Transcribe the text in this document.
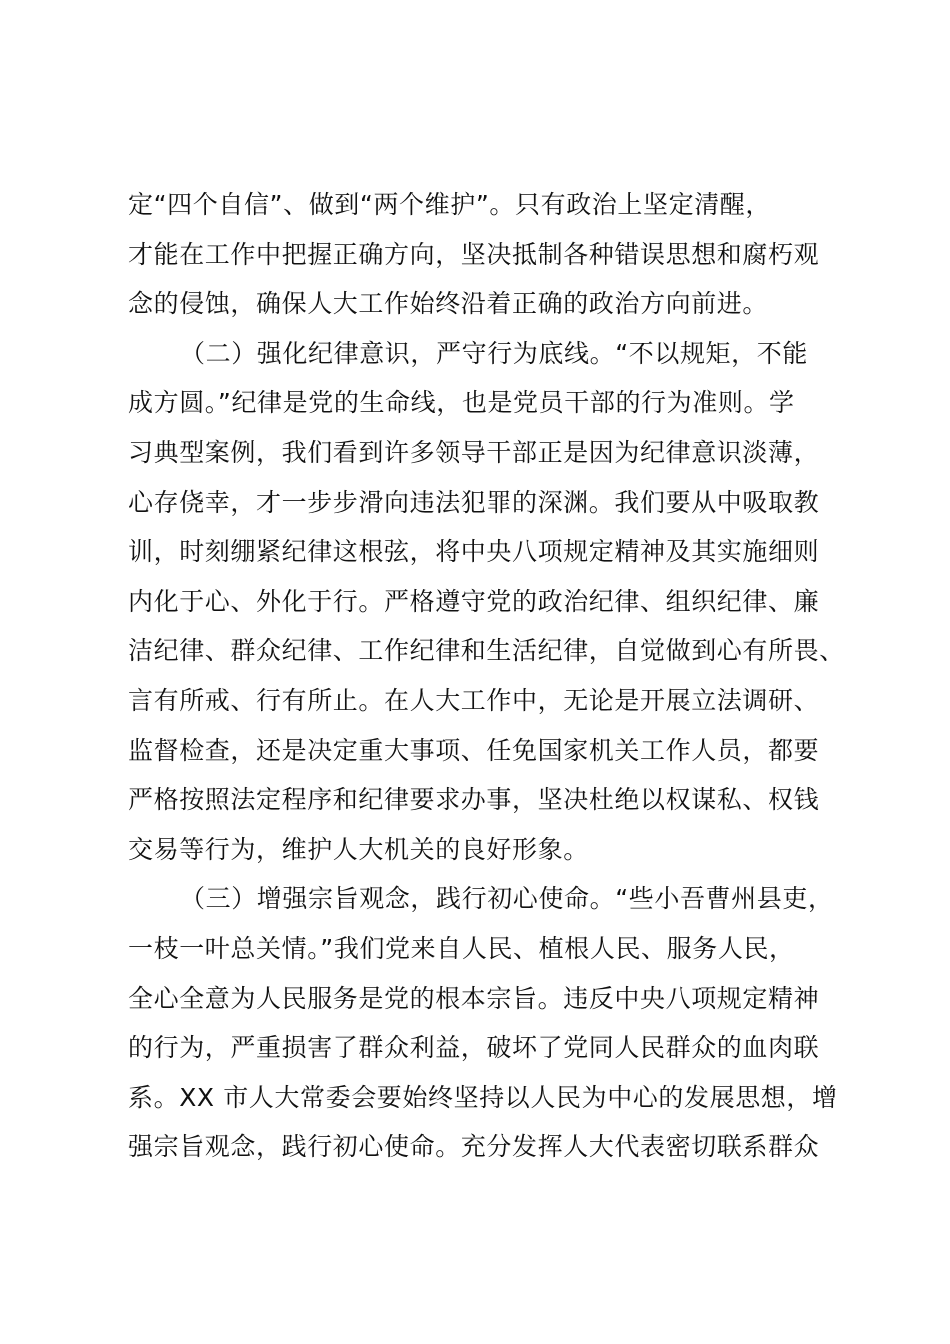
定“四个自信”、做到“两个维护”。只有政治上坚定清醒，
才能在工作中把握正确方向，坚决抵制各种错误思想和腐朽观
念的侵蚀，确保人大工作始终沿着正确的政治方向前进。
（二）强化纪律意识，严守行为底线。“不以规矩，不能
成方圆。”纪律是党的生命线，也是党员干部的行为准则。学
习典型案例，我们看到许多领导干部正是因为纪律意识淡薄，
心存侥幸，才一步步滑向违法犯罪的深渊。我们要从中吸取教
训，时刻绷紧纪律这根弦，将中央八项规定精神及其实施细则
内化于心、外化于行。严格遵守党的政治纪律、组织纪律、廉
洁纪律、群众纪律、工作纪律和生活纪律，自觉做到心有所畏、
言有所戒、行有所止。在人大工作中，无论是开展立法调研、
监督检查，还是决定重大事项、任免国家机关工作人员，都要
严格按照法定程序和纪律要求办事，坚决杜绝以权谋私、权钱
交易等行为，维护人大机关的良好形象。
（三）增强宗旨观念，践行初心使命。“些小吾曹州县吏，
一枝一叶总关情。”我们党来自人民、植根人民、服务人民，
全心全意为人民服务是党的根本宗旨。违反中央八项规定精神
的行为，严重损害了群众利益，破坏了党同人民群众的血肉联
系。XX 市人大常委会要始终坚持以人民为中心的发展思想，增
强宗旨观念，践行初心使命。充分发挥人大代表密切联系群众
